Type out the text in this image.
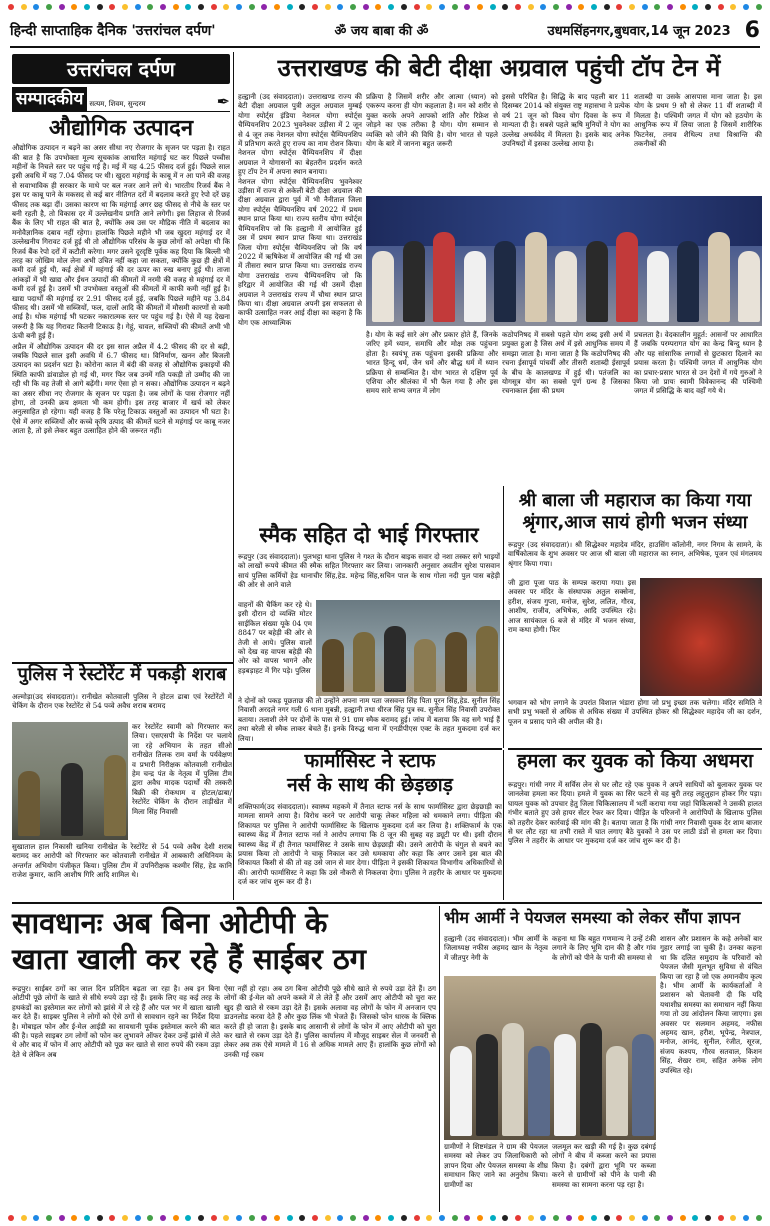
हिन्दी साप्ताहिक दैनिक 'उत्तरांचल दर्पण'	ॐ जय बाबा की ॐ	उधमसिंहनगर,बुधवार,14 जून 2023 6
उत्तरांचल दर्पण
सम्पादकीय सत्यम, शिवम, सुन्दरम	✒
औद्योगिक उत्पादन

औद्योगिक उत्पादन न बढ़ने का असर सीधा नए रोजगार के सृजन पर पड़ता है। राहत की बात है कि उपभोक्ता मूल्य सूचकांक आधारित महंगाई घट कर पिछले पच्चीस महीनों के निचले स्तर पर पहुंच गई है। मई में यह 4.25 फीसद दर्ज हुई। पिछले साल इसी अवधि में यह 7.04 फीसद पर थी। खुदरा महंगाई के काबू में न आ पाने की वजह से सवाभाविक ही सरकार के माथे पर बल नजर आने लगे थे। भारतीय रिजर्व बैंक ने इस पर काबू पाने के मकसद से कई बार नीतिगत दरों में बदलाव करते हुए रेपो दरें छह फीसद तक बढ़ा दीं। उसका कारण था कि महंगाई अगर छह फीसद से नीचे के स्तर पर बनी रहती है, तो विकास दर में उल्लेखनीय प्रगति आने लगेगी। इस लिहाज से रिजर्व बैंक के लिए भी राहत की बात है, क्योंकि अब उस पर मौद्रिक नीति में बदलाव का मनोवैज्ञानिक दबाव नहीं रहेगा। हालांकि पिछले महीने भी जब खुदरा महंगाई दर में उल्लेखनीय गिरावट दर्ज हुई थी तो औद्योगिक परिसंघ के कुछ लोगों को अपेक्षा थी कि रिजर्व बैंक रेपो दरों में कटौती करेगा। मगर उसने दूरदृष्टि पूर्वक कह दिया कि बिल्ली भी तरह का जोखिम मोल लेना अभी उचित नहीं कहा जा सकता, क्योंकि कुछ ही क्षेत्रों में कमी दर्ज हुई थी, कई क्षेत्रों में महंगाई की दर ऊपर का रुख बनाए हुई थी। ताजा आंकड़ों में भी खाद्य और ईंधन उत्पादों की कीमतों में नरमी की वजह से महंगाई दर में कमी दर्ज हुई है। उसमें भी उपभोक्ता वस्तुओं की कीमतों में काफी कमी नहीं हुई है। खाद्य पदार्थों की महंगाई दर 2.91 फीसद दर्ज हुई, जबकि पिछले महीने यह 3.84 फीसद थी। उसमें भी सब्जियों, फल, दालों आदि की कीमतों में मौसमी कारणों से कमी आई है। थोक महंगाई भी घटकर नकारात्मक स्तर पर पहुंच गई है। ऐसे में यह देखना जरूरी है कि यह गिरावट कितनी टिकाऊ है। गेहूं, चावल, सब्जियों की कीमतें अभी भी ऊंची बनी हुई हैं।

अप्रैल में औद्योगिक उत्पादन की दर इस साल अप्रैल में 4.2 फीसद की दर से बढ़ी, जबकि पिछले साल इसी अवधि में 6.7 फीसद था। विनिर्माण, खनन और बिजली उत्पादन का प्रदर्शन घटा है। कोरोना काल में बंदी की वजह से औद्योगिक इकाइयों की स्थिति काफी डांवाडोल हो गई थी, मगर फिर जब उनमें गति पकड़ी तो उम्मीद की जा रही थी कि वह तेजी से आगे बढ़ेंगी। मगर ऐसा हो न सका। औद्योगिक उत्पादन न बढ़ने का असर सीधा नए रोजगार के सृजन पर पड़ता है। जब लोगों के पास रोजगार नहीं होगा, तो उनकी क्रय क्षमता भी कम होगी। इस तरह बाजार में खर्च को लेकर अनुत्साहित हो रहेगा। यही वजह है कि परेलू टिकाऊ वस्तुओं का उत्पादन भी घटा है। ऐसे में अगर सब्जियों और कच्चे कृषि उत्पाद की कीमतें घटने से महंगाई पर काबू नजर आता है, तो इसे लेकर बहुत उत्साहित होने की जरूरत नहीं।

उत्तराखण्ड की बेटी दीक्षा अग्रवाल पहुंची टॉप टेन में

हल्द्वानी (उद संवाददाता)। उत्तराखण्ड राज्य की बेटी दीक्षा अग्रवाल पुत्री अतुल अग्रवाल मुम्बई योगा स्पोर्ट्स इंडिया नेशनल योगा स्पोर्ट्स चैम्पियनशिप 2023 भुवनेश्वर उड़ीसा में 2 जून से 4 जून तक नेशनल योगा स्पोर्ट्स चैम्पियनशिप में प्रतिभाग करते हुए राज्य का नाम रोशन किया। नेशनल योगा स्पोर्ट्स चैम्पियनशिप में दीक्षा अग्रवाल ने योगासनों का बेहतरीन प्रदर्शन करते हुए टॉप टेन में अपना स्थान बनाया।

नेशनल योगा स्पोर्ट्स चैम्पियनशिप भुवनेश्वर उड़ीसा में राज्य से अकेली बेटी दीक्षा अग्रवाल की दीक्षा अग्रवाल द्वारा पूर्व में भी नैनीताल जिला योगा स्पोर्ट्स चैम्पियनशिप वर्ष 2022 में प्रथम स्थान प्राप्त किया था। राज्य स्तरीय योगा स्पोर्ट्स चैम्पियनशिप जो कि हल्द्वानी में आयोजित हुई उस में प्रथम स्थान प्राप्त किया था। उत्तराखंड जिला योगा स्पोर्ट्स चैम्पियनशिप जो कि वर्ष 2022 में ऋषिकेश में आयोजित की गई थी उस में तीसरा स्थान प्राप्त किया था। उत्तराखंड राज्य योगा उत्तराखंड राज्य चैम्पियनशिप जो कि हरिद्वार में आयोजित की गई थी उसमें दीक्षा अग्रवाल ने उत्तराखंड राज्य में चौथा स्थान प्राप्त किया था। दीक्षा अग्रवाल अपनी इस सफलता से काफी उत्साहित नजर आई दीक्षा का कहना है कि योग एक आध्यात्मिक

प्रक्रिया है जिसमें शरीर और आत्मा (ध्यान) को एकरूप करना ही योग कहलाता है। मन को शरीर से युक्त करके अपने आपको शांति और रिफ्रेश से जोड़ने का एक तरीका है योग। योग सम्मान से व्यक्ति को जीने की विधि है। योग भारत से पहले योग के बारे में जानना बहुत जरूरी

इससे परिचित है। सिद्धि के बाद पहली बार 11 दिसम्बर 2014 को संयुक्त राष्ट्र महासभा ने प्रत्येक वर्ष 21 जून को विश्व योग दिवस के रूप में मान्यता दी है। सबसे पहले ऋषि मुनियों ने योग का उल्लेख अथर्ववेद में मिलता है। इसके बाद अनेक उपनिषदों में इसका उल्लेख आया है।

शताब्दी या उसके आसपास माना जाता है। इस योग के प्रथम 9 सौ से लेकर 11 वीं शताब्दी में मिलता है। पश्चिमी जगत में योग को हठयोग के आधुनिक रूप में लिया जाता है जिसमें शारीरिक फिटनेस, तनाव शैथिल्य तथा विश्रान्ति की तकनीकों की

है। योग के कई सारे अंग और प्रकार होते हैं, जिनके जरिए हमें ध्यान, समाधि और मोक्ष तक पहुंचना होता है। स्वयंभू तक पहुंचना इसकी प्रक्रिया और भारत हिन्दू धर्म, जैन धर्म और बौद्ध धर्म में ध्यान प्रक्रिया से सम्बन्धित है। योग भारत से दक्षिण पूर्व एशिया और श्रीलंका में भी फैल गया है और इस समय सारे सभ्य जगत में लोग

कठोपनिषद में सबसे पहले योग शब्द इसी अर्थ में प्रयुक्त हुआ है जिस अर्थ में इसे आधुनिक समय में समझा जाता है। माना जाता है कि कठोपनिषद की रचना ईसापूर्व पांचवीं और तीसरी शताब्दी ईसापूर्व के बीच के कालखण्ड में हुई थी। पतंजलि का योगसूत्र योग का सबसे पूर्ण ग्रन्थ है जिसका रचनाकाल ईसा की प्रथम

प्रचलता है। वेदकालीन मुहूर्त: आसनों पर आधारित हैं जबकि परम्परागत योग का केन्द्र बिन्दु ध्यान है और यह सांसारिक लगावों से छुटकारा दिलाने का प्रयास करता है। पश्चिमी जगत में आधुनिक योग का प्रचार-प्रसार भारत से उन देशों में गये गुरुओं ने किया जो प्रायः स्वामी विवेकानन्द की पश्चिमी जगत में प्रसिद्धि के बाद वहाँ गये थे।

स्मैक सहित दो भाई गिरफ्तार

रूद्रपुर (उद संवाददाता)। पुलभट्टा थाना पुलिस ने गश्त के दौरान बाइक सवार दो नशा तस्कर सगे भाइयों को लाखों रूपये कीमत की स्मैक सहित गिरफ्तार कर लिया। जानकारी अनुसार अवतीन सुरेश पासवान सायं पुलिस कर्मियों हेड थानाचीर सिंह,हेड. महेन्द्र सिंह,सचिन पाल के साथ गोला नदी पुल पास बहेड़ी की ओर से आने वाले

वाहनों की चैकिंग कर रहे थे। इसी दौरान दो व्यक्ति मोटर साईकिल संख्या यूके 04 एम 8847 पर बहेड़ी की ओर से तेजी से आये। पुलिस वालों को देख वह वापस बहेड़ी की ओर को वापस भागने और हड़बड़ाहट में गिर पड़े। पुलिस

ने दोनों को पकड़ पूछताछ की तो उन्होंने अपना नाम पता जसवन्त सिंह पिता पूरन सिंह,हेड. सुनील सिंह निवासी अरदले नगर गली 6 थाना मुबन्नी, हल्द्वानी तथा धीरज सिंह पुत्र स्व. सुनील सिंह निवासी उपरोक्त बताया। तलाशी लेने पर दोनों के पास से 91 ग्राम स्मैक बरामद हुई। जांच में बताया कि वह सगे भाई हैं तथा बरेली से स्मैक लाकर बेचते हैं। इनके विरुद्ध थाना में एनडीपीएस एक्ट के तहत मुकदमा दर्ज कर लिया।

श्री बाला जी महाराज का किया गया
श्रृंगार,आज सायं होगी भजन संध्या

रूद्रपुर (उद संवाददाता)। श्री सिद्धेश्वर महादेव मंदिर, हाउसिंग कॉलोनी, नगर निगम के सामने, के वार्षिकोत्सव के शुभ अवसर पर आज श्री बाला जी महाराज का स्नान, अभिषेक, पूजन एवं मंगलमय श्रृंगार किया गया।

जी द्वारा पूजा पाठ के सम्पन्न कराया गया। इस अवसर पर मंदिर के संस्थापक अतुल सक्सेना, हरीश, संजय गुप्ता, मनोज, सुरेश, ललित, गौरव, आशीष, राजीव, अभिषेक, आदि उपस्थित रहे। आज सायंकाल 6 बजे से मंदिर में भजन संध्या, राम कथा होगी। फिर

भगवान को भोग लगाने के उपरांत विशाल भंडारा होगा जो प्रभु इच्छा तक चलेगा। मंदिर समिति ने सभी प्रभु भक्तों से अधिक से अधिक संख्या में उपस्थित होकर श्री सिद्धेश्वर महादेव जी का दर्शन, पूजन व प्रसाद पाने की अपील की है।

पुलिस ने रेस्टोरेंट में पकड़ी शराब

अल्मोड़ा(उद संवाददाता)। रानीखेत कोतवाली पुलिस ने होटल ढाबा एवं रेस्टोरेंटों में चेकिंग के दौरान एक रेस्टोरेंट से 54 पव्वे अवैध शराब बरामद

कर रेस्टोरेंट स्वामी को गिरफ्तार कर लिया। एसएसपी के निर्देश पर चलाये जा रहे अभियान के तहत सीओ रानीखेत तिलक राम वर्मा के पर्यवेक्षण व प्रभारी निरीक्षक कोतवाली रानीखेत हेम चन्द्र पंत के नेतृत्व में पुलिस टीम द्वारा अवैध मादक पदार्थों की तस्करी बिक्री की रोकथाम व होटल/ढाबा/रेस्टोरेंट चेकिंग के दौरान ताड़ीखेत में मिला सिंह निवासी

सुखाताल हाल निकासी खनिया रानीखेत के रेस्टोरेंट से 54 पव्वे अवैध देशी शराब बरामद कर आरोपी को गिरफ्तार कर कोतवाली रानीखेत में आबकारी अधिनियम के अन्तर्गत अभियोग पंजीकृत किया। पुलिस टीम में उपनिरीक्षक कश्मीर सिंह, हेड कानि राजेश कुमार, कानि आशीष गिरि आदि शामिल थे।

फार्मासिस्ट ने स्टाफ
नर्स के साथ की छेड़छाड़

शक्तिफार्म(उद संवाददाता)। स्वास्थ्य महकमे में तैनात स्टाफ नर्स के साथ फार्मासिस्ट द्वारा छेड़छाड़ी का मामला सामने आया है। विरोध करने पर आरोपी चाकू लेकर महिला को धमकाने लगा। पीड़िता की शिकायत पर पुलिस ने आरोपी फार्मासिस्ट के खिलाफ मुकदमा दर्ज कर लिया है। शक्तिफार्म के एक स्वास्थ्य केंद्र में तैनात स्टाफ नर्स ने आरोप लगाया कि 8 जून की सुबह वह ड्यूटी पर थी। इसी दौरान स्वास्थ्य केंद्र में ही तैनात फार्मासिस्ट ने उसके साथ छेड़छाड़ी की। उसने आरोपी के चंगुल से बचने का प्रयास किया तो आरोपी ने चाकू निकाल कर उसे धमकाया और कहा कि अगर उसने इस बात की शिकायत किसी से की तो वह उसे जान से मार देगा। पीड़िता ने इसकी शिकायत विभागीय अधिकारियों से की। आरोपी फार्मासिस्ट ने कहा कि उसे नौकरी से निकलवा देगा। पुलिस ने तहरीर के आधार पर मुकदमा दर्ज कर जांच शुरू कर दी है।

हमला कर युवक को किया अधमरा

रूद्रपुर। गांधी नगर में सर्विस लेन से घर लौट रहे एक युवक ने अपने साथियों को बुलाकर युवक पर जानलेवा हमला कर दिया। हमले में युवक का सिर फटने से वह बुरी तरह लहूलुहान होकर गिर पड़ा। घायल युवक को उपचार हेतु जिला चिकित्सालय में भर्ती कराया गया जहां चिकित्सकों ने उसकी हालत गंभीर बताते हुए उसे हायर सेंटर रेफर कर दिया। पीड़ित के परिजनों ने आरोपियों के खिलाफ पुलिस को तहरीर देकर कार्रवाई की मांग की है। बताया जाता है कि गांधी नगर निवासी युवक देर शाम बाजार से घर लौट रहा था तभी रास्ते में घात लगाए बैठे युवकों ने उस पर लाठी डंडों से हमला कर दिया। पुलिस ने तहरीर के आधार पर मुकदमा दर्ज कर जांच शुरू कर दी है।

सावधानः अब बिना ओटीपी के
खाता खाली कर रहे हैं साईबर ठग

रूद्रपुर। साईबर ठगों का जाल दिन प्रतिदिन बढ़ता जा रहा है। अब इन बिना ओटीपी पूछे लोगों के खाते से सीधे रुपये उड़ा रहे हैं। इसके लिए वह कई तरह के हथकंडों का इस्तेमाल कर लोगों को झांसे में ले रहे हैं और पल भर में खाता खाली कर देते हैं। साइबर पुलिस ने लोगों को ऐसे ठगों से सावधान रहने का निर्देश दिया है। मोबाइल फोन और ई-मेल आईडी का सावधानी पूर्वक इस्तेमाल करने की बात की है। पहले साइबर ठग लोगों को फोन कर लुभावने ऑफर देकर उन्हें झांसे में लेते थे और बाद में फोन में आए ओटीपी को पूछ कर खाते से सारा रुपये की रकम उड़ा देते थे लेकिन अब

ऐसा नहीं हो रहा। अब ठग बिना ओटीपी पूछे सीधे खाते से रुपये उड़ा देते हैं। ठग लोगों की ई-मेल को अपने कब्जे में ले लेते हैं और उसमें आए ओटीपी को चुरा कर खुद ही खाते से रकम उड़ा देते हैं। इसके अलावा वह लोगों के फोन में अनजान एप डाउनलोड करवा देते हैं और कुछ लिंक भी भेजते हैं। जिसको फोन धारक के क्लिक करते ही हो जाता है। इसके बाद आसानी से लोगों के फोन में आए ओटीपी को चुरा कर खाते से रकम उड़ा देते हैं। पुलिस कार्यालय में मौजूद साइबर सेल में जनवरी से लेकर अब तक ऐसे मामले में 16 से अधिक मामले आए हैं। हालांकि कुछ लोगों को उनकी गई रकम

भीम आर्मी ने पेयजल समस्या को लेकर सौंपा ज्ञापन

हल्द्वानी (उद संवाददाता)। भीम आर्मी के जिलाध्यक्ष नफीस अहमद खान के नेतृत्व में जीतपुर नेगी के

कहना था कि बहुत गणमान्य ने उन्हें टंकी लगाने के लिए भूमि दान की है और गांव के लोगों को पीने के पानी की समस्या से

शासन और प्रशासन के कहे अनेकों बार गुहार लगाई जा चुकी है। उनका कहना था कि दलित समुदाय के परिवारों को पेयजल जैसी मूलभूत सुविधा से वंचित किया जा रहा है जो एक अमानवीय कृत्य है। भीम आर्मी के कार्यकर्ताओं ने प्रशासन को चेतावनी दी कि यदि यथाशीघ्र समस्या का समाधान नहीं किया गया तो उग्र आंदोलन किया जाएगा। इस अवसर पर सलमान अहमद, नफीस अहमद खान, हरीश, भूपेन्द्र, नेत्रपाल, मनोज, आनंद, सुनील, रंजीत, सूरज, संजय कश्यप, गौरव सतवाल, किशन सिंह, शेखर राम, सहित अनेक लोग उपस्थित रहे।

ग्रामीणों ने शिष्टमंडल ने ग्राम की पेयजल समस्या को लेकर उप जिलाधिकारी को ज्ञापन दिया और पेयजल समस्या के शीघ्र समाधान किए जाने का अनुरोध किया। ग्रामीणों का

जलमूल कर खड़ी की गई है। कुछ दबंगई लोगों ने बीच में कब्जा करने का प्रयास किया है। दबंगों द्वारा भूमि पर कब्जा करने से ग्रामीणों को पीने के पानी की समस्या का सामना करना पड़ रहा है।
